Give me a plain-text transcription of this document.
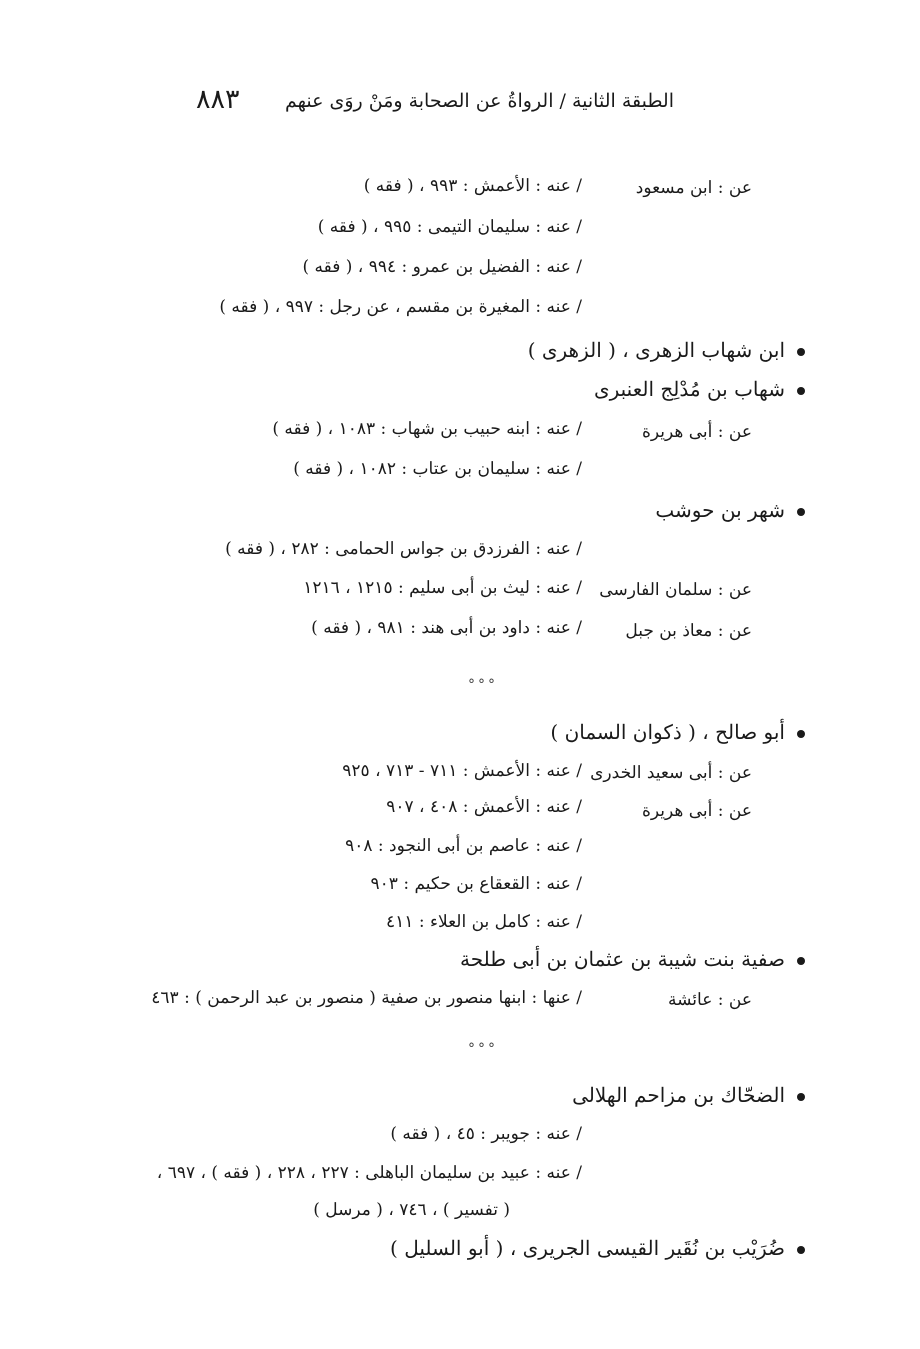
٨٨٣ الطبقة الثانية / الرواةُ عن الصحابة ومَنْ روَى عنهم
عن : ابن مسعود
/ عنه : الأعمش : ٩٩٣ ، ( فقه )
/ عنه : سليمان التيمى : ٩٩٥ ، ( فقه )
/ عنه : الفضيل بن عمرو : ٩٩٤ ، ( فقه )
/ عنه : المغيرة بن مقسم ، عن رجل : ٩٩٧ ، ( فقه )
ابن شهاب الزهرى ، ( الزهرى )
شهاب بن مُدْلِج العنبرى
عن : أبى هريرة
/ عنه : ابنه حبيب بن شهاب : ١٠٨٣ ، ( فقه )
/ عنه : سليمان بن عتاب : ١٠٨٢ ، ( فقه )
شهر بن حوشب
/ عنه : الفرزدق بن جواس الحمامى : ٢٨٢ ، ( فقه )
عن : سلمان الفارسى
/ عنه : ليث بن أبى سليم : ١٢١٥ ، ١٢١٦
عن : معاذ بن جبل
/ عنه : داود بن أبى هند : ٩٨١ ، ( فقه )
°°°
أبو صالح ، ( ذكوان السمان )
عن : أبى سعيد الخدرى
/ عنه : الأعمش : ٧١١ - ٧١٣ ، ٩٢٥
عن : أبى هريرة
/ عنه : الأعمش : ٤٠٨ ، ٩٠٧
/ عنه : عاصم بن أبى النجود : ٩٠٨
/ عنه : القعقاع بن حكيم : ٩٠٣
/ عنه : كامل بن العلاء : ٤١١
صفية بنت شيبة بن عثمان بن أبى طلحة
عن : عائشة
/ عنها : ابنها منصور بن صفية ( منصور بن عبد الرحمن ) : ٤٦٣
°°°
الضحّاك بن مزاحم الهلالى
/ عنه : جويبر : ٤٥ ، ( فقه )
/ عنه : عبيد بن سليمان الباهلى : ٢٢٧ ، ٢٢٨ ، ( فقه ) ، ٦٩٧ ،
( تفسير ) ، ٧٤٦ ، ( مرسل )
ضُرَيْب بن نُقَير القيسى الجريرى ، ( أبو السليل )
